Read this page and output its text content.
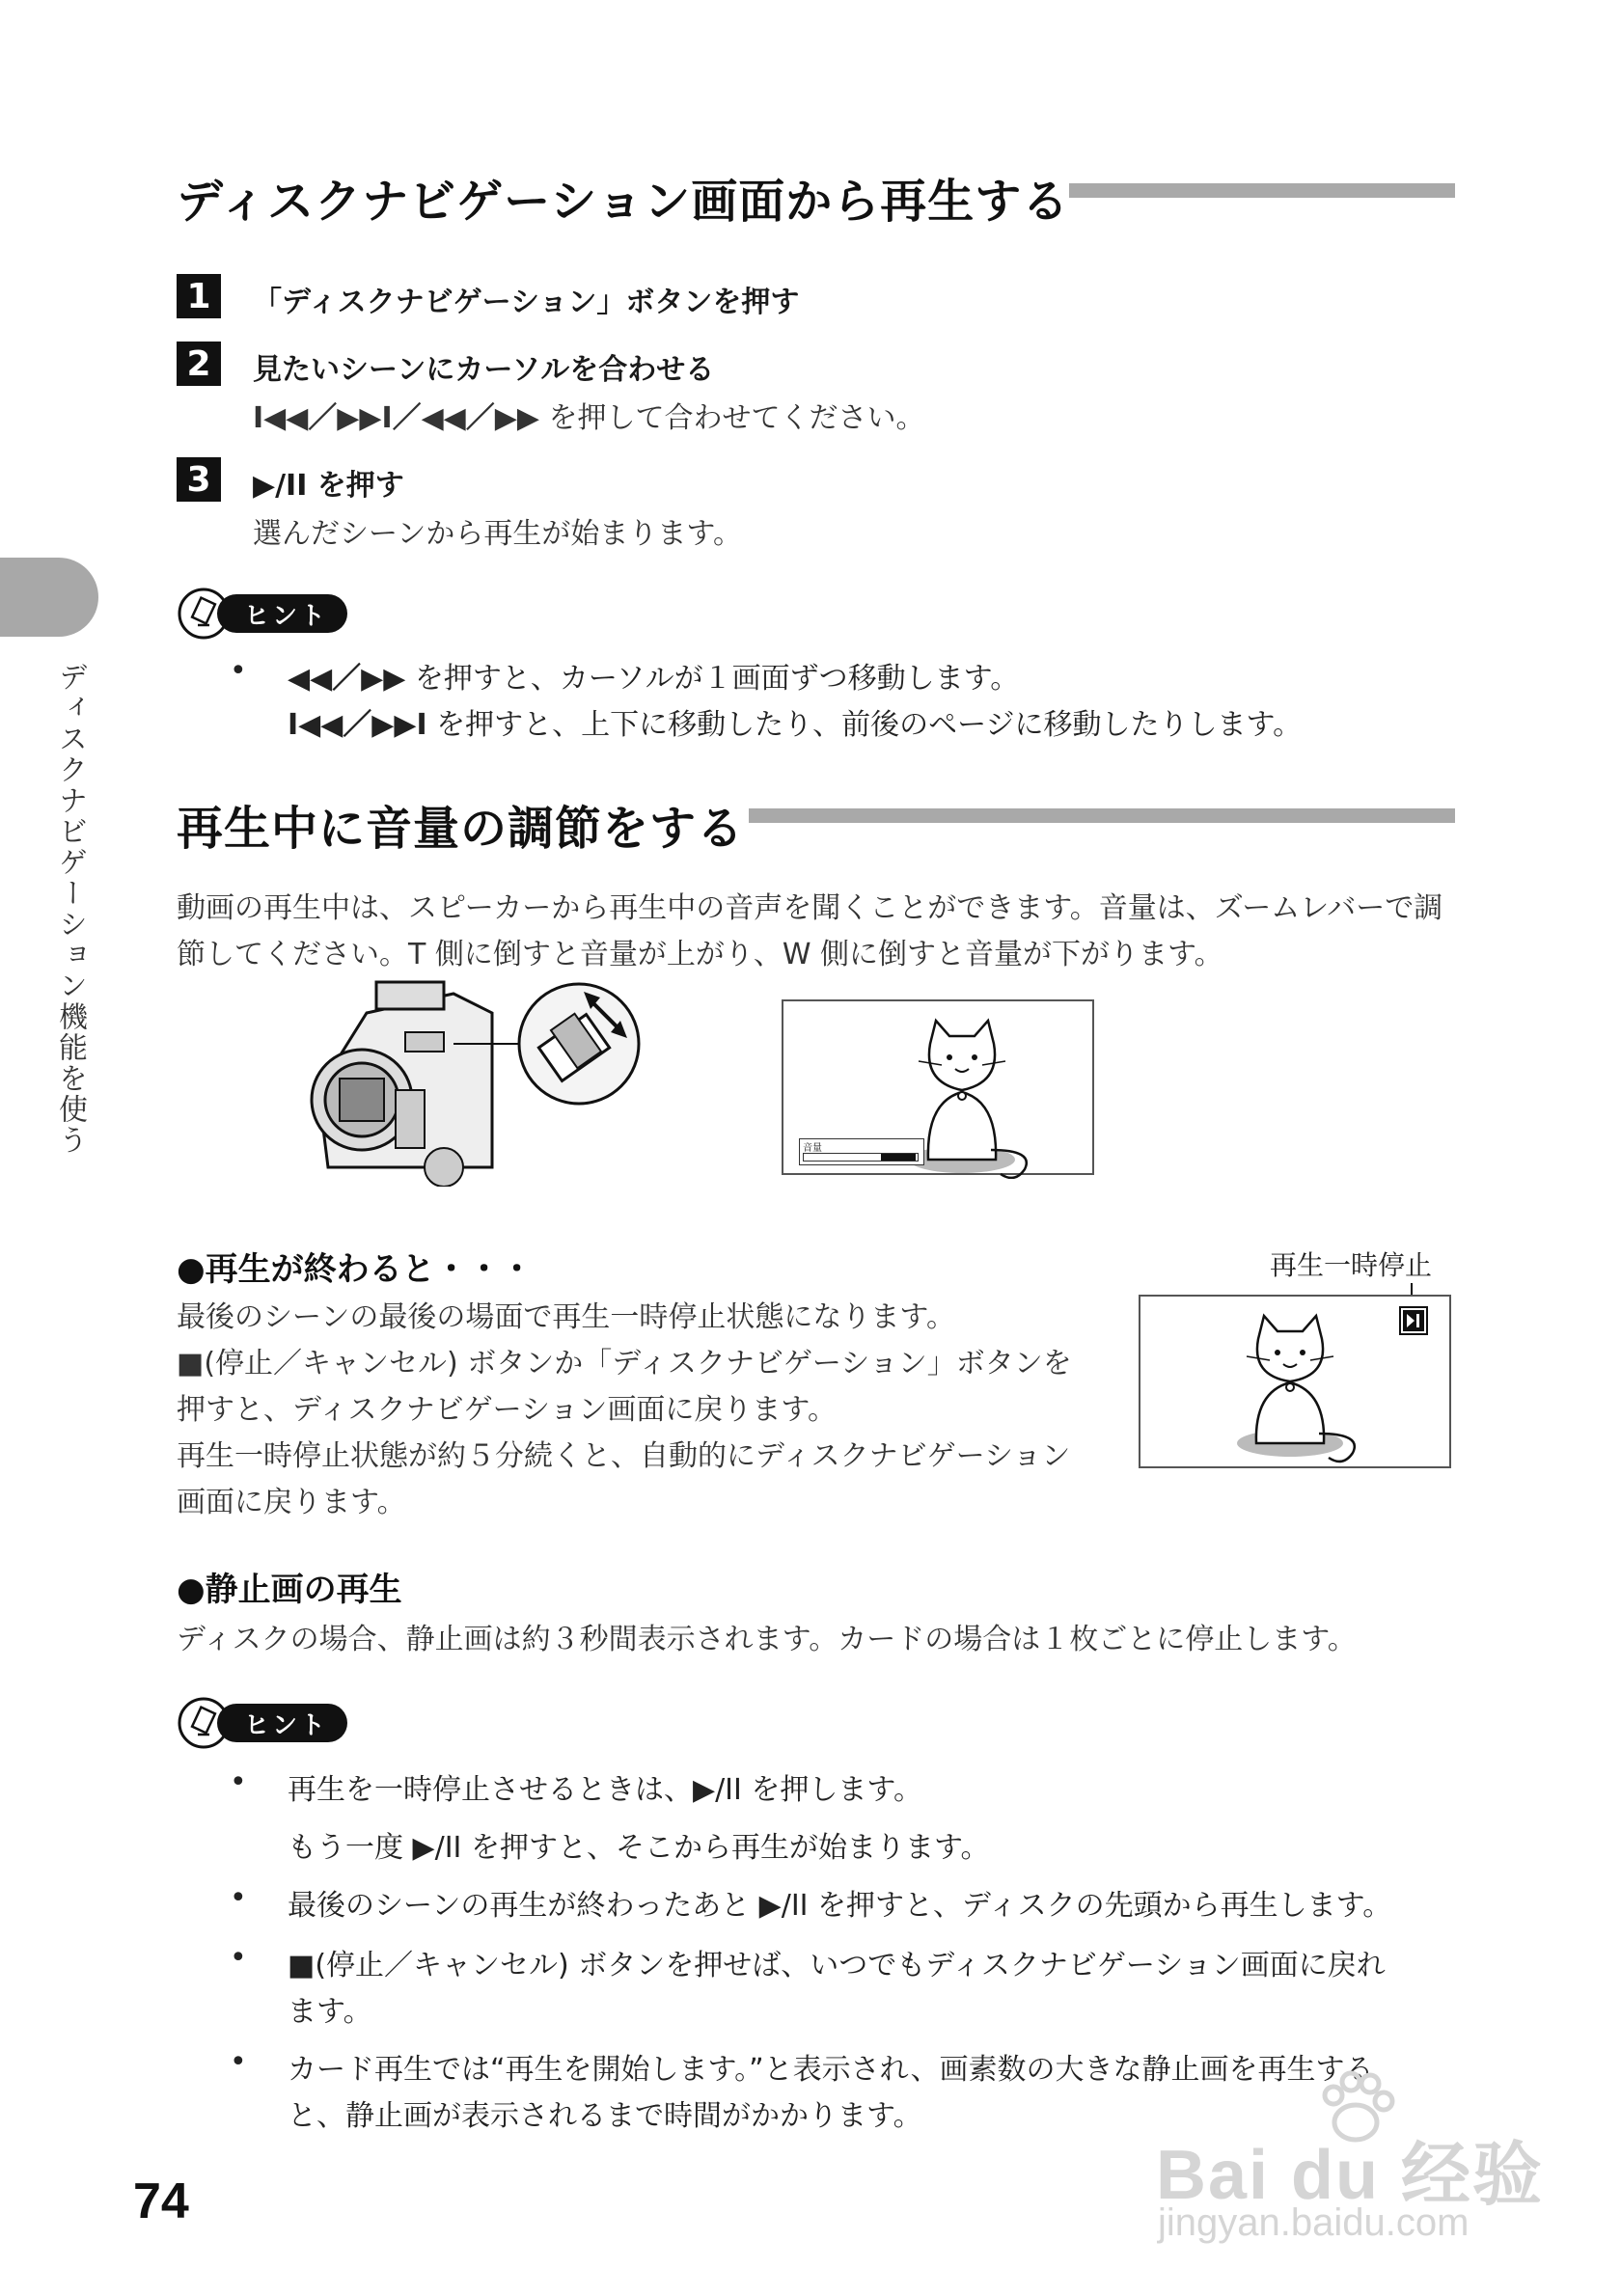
ディスクナビゲーション機能を使う
ディスクナビゲーション画面から再生する
1	「ディスクナビゲーション」ボタンを押す
2	見たいシーンにカーソルを合わせる
I◀◀／▶▶I／◀◀／▶▶ を押して合わせてください。
3	▶/II を押す
選んだシーンから再生が始まります。
ヒント
• ◀◀／▶▶ を押すと、カーソルが１画面ずつ移動します。
I◀◀／▶▶I を押すと、上下に移動したり、前後のページに移動したりします。
再生中に音量の調節をする
動画の再生中は、スピーカーから再生中の音声を聞くことができます。音量は、ズームレバーで調
節してください。T 側に倒すと音量が上がり、W 側に倒すと音量が下がります。
音量
●再生が終わると・・・
最後のシーンの最後の場面で再生一時停止状態になります。
■(停止／キャンセル) ボタンか「ディスクナビゲーション」ボタンを
押すと、ディスクナビゲーション画面に戻ります。
再生一時停止状態が約５分続くと、自動的にディスクナビゲーション
画面に戻ります。
再生一時停止
●静止画の再生
ディスクの場合、静止画は約３秒間表示されます。カードの場合は１枚ごとに停止します。
ヒント
• 再生を一時停止させるときは、▶/II を押します。
もう一度 ▶/II を押すと、そこから再生が始まります。
• 最後のシーンの再生が終わったあと ▶/II を押すと、ディスクの先頭から再生します。
• ■(停止／キャンセル) ボタンを押せば、いつでもディスクナビゲーション画面に戻れ
ます。
• カード再生では“再生を開始します。”と表示され、画素数の大きな静止画を再生する
と、静止画が表示されるまで時間がかかります。
74	Bai du 经验
jingyan.baidu.com
